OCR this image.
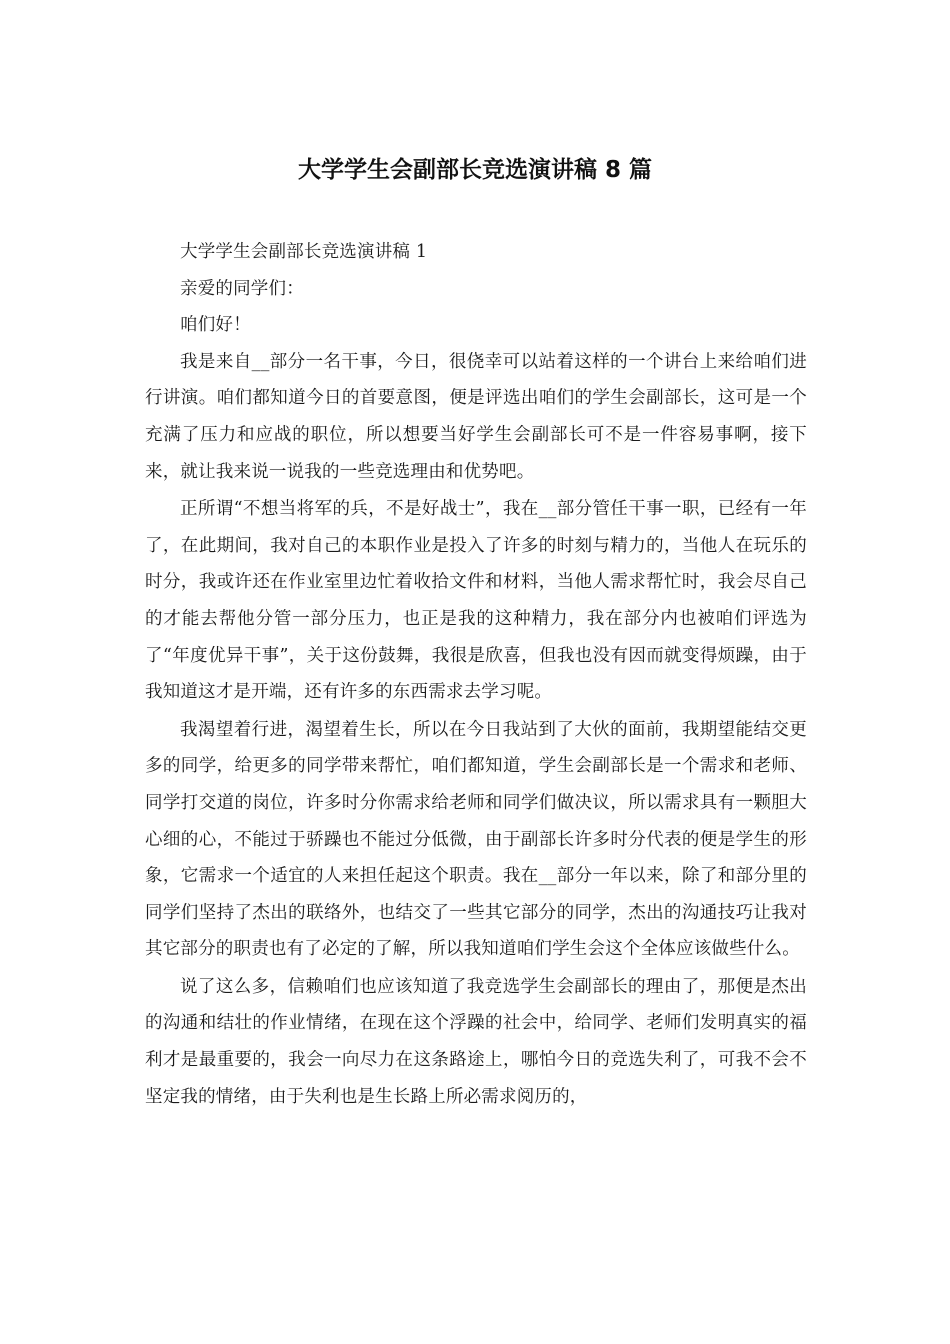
大学学生会副部长竞选演讲稿 8 篇

大学学生会副部长竞选演讲稿 1

亲爱的同学们：

咱们好！

我是来自__部分一名干事，今日，很侥幸可以站着这样的一个讲台上来给咱们进行讲演。咱们都知道今日的首要意图，便是评选出咱们的学生会副部长，这可是一个充满了压力和应战的职位，所以想要当好学生会副部长可不是一件容易事啊，接下来，就让我来说一说我的一些竞选理由和优势吧。

正所谓“不想当将军的兵，不是好战士”，我在__部分管任干事一职，已经有一年了，在此期间，我对自己的本职作业是投入了许多的时刻与精力的，当他人在玩乐的时分，我或许还在作业室里边忙着收拾文件和材料，当他人需求帮忙时，我会尽自己的才能去帮他分管一部分压力，也正是我的这种精力，我在部分内也被咱们评选为了“年度优异干事”，关于这份鼓舞，我很是欣喜，但我也没有因而就变得烦躁，由于我知道这才是开端，还有许多的东西需求去学习呢。

我渴望着行进，渴望着生长，所以在今日我站到了大伙的面前，我期望能结交更多的同学，给更多的同学带来帮忙，咱们都知道，学生会副部长是一个需求和老师、同学打交道的岗位，许多时分你需求给老师和同学们做决议，所以需求具有一颗胆大心细的心，不能过于骄躁也不能过分低微，由于副部长许多时分代表的便是学生的形象，它需求一个适宜的人来担任起这个职责。我在__部分一年以来，除了和部分里的同学们坚持了杰出的联络外，也结交了一些其它部分的同学，杰出的沟通技巧让我对其它部分的职责也有了必定的了解，所以我知道咱们学生会这个全体应该做些什么。

说了这么多，信赖咱们也应该知道了我竞选学生会副部长的理由了，那便是杰出的沟通和结壮的作业情绪，在现在这个浮躁的社会中，给同学、老师们发明真实的福利才是最重要的，我会一向尽力在这条路途上，哪怕今日的竞选失利了，可我不会不坚定我的情绪，由于失利也是生长路上所必需求阅历的，
